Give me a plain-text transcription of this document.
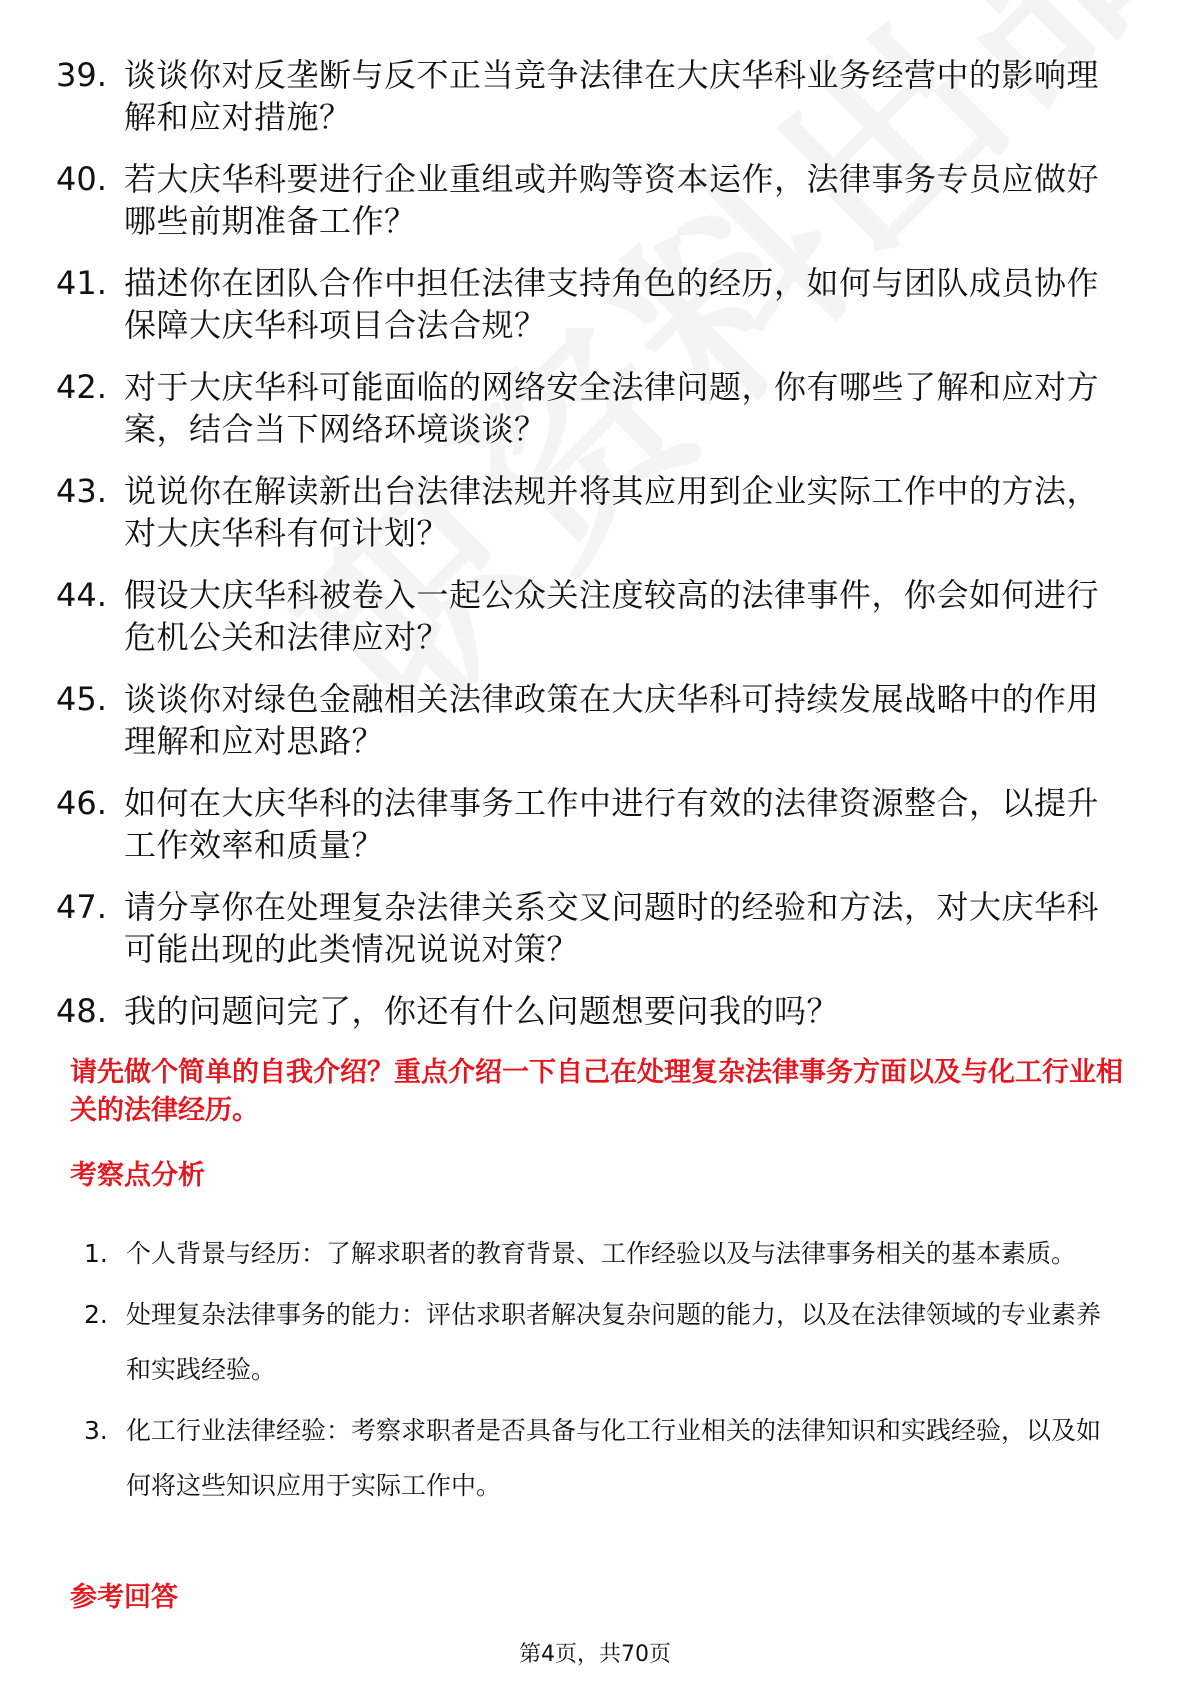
39. 谈谈你对反垄断与反不正当竞争法律在大庆华科业务经营中的影响理解和应对措施？
40. 若大庆华科要进行企业重组或并购等资本运作，法律事务专员应做好哪些前期准备工作？
41. 描述你在团队合作中担任法律支持角色的经历，如何与团队成员协作保障大庆华科项目合法合规？
42. 对于大庆华科可能面临的网络安全法律问题，你有哪些了解和应对方案，结合当下网络环境谈谈？
43. 说说你在解读新出台法律法规并将其应用到企业实际工作中的方法，对大庆华科有何计划？
44. 假设大庆华科被卷入一起公众关注度较高的法律事件，你会如何进行危机公关和法律应对？
45. 谈谈你对绿色金融相关法律政策在大庆华科可持续发展战略中的作用理解和应对思路？
46. 如何在大庆华科的法律事务工作中进行有效的法律资源整合，以提升工作效率和质量？
47. 请分享你在处理复杂法律关系交叉问题时的经验和方法，对大庆华科可能出现的此类情况说说对策？
48. 我的问题问完了，你还有什么问题想要问我的吗？

请先做个简单的自我介绍？重点介绍一下自己在处理复杂法律事务方面以及与化工行业相关的法律经历。

考察点分析
1. 个人背景与经历：了解求职者的教育背景、工作经验以及与法律事务相关的基本素质。
2. 处理复杂法律事务的能力：评估求职者解决复杂问题的能力，以及在法律领域的专业素养和实践经验。
3. 化工行业法律经验：考察求职者是否具备与化工行业相关的法律知识和实践经验，以及如何将这些知识应用于实际工作中。
参考回答
第4页，共70页
